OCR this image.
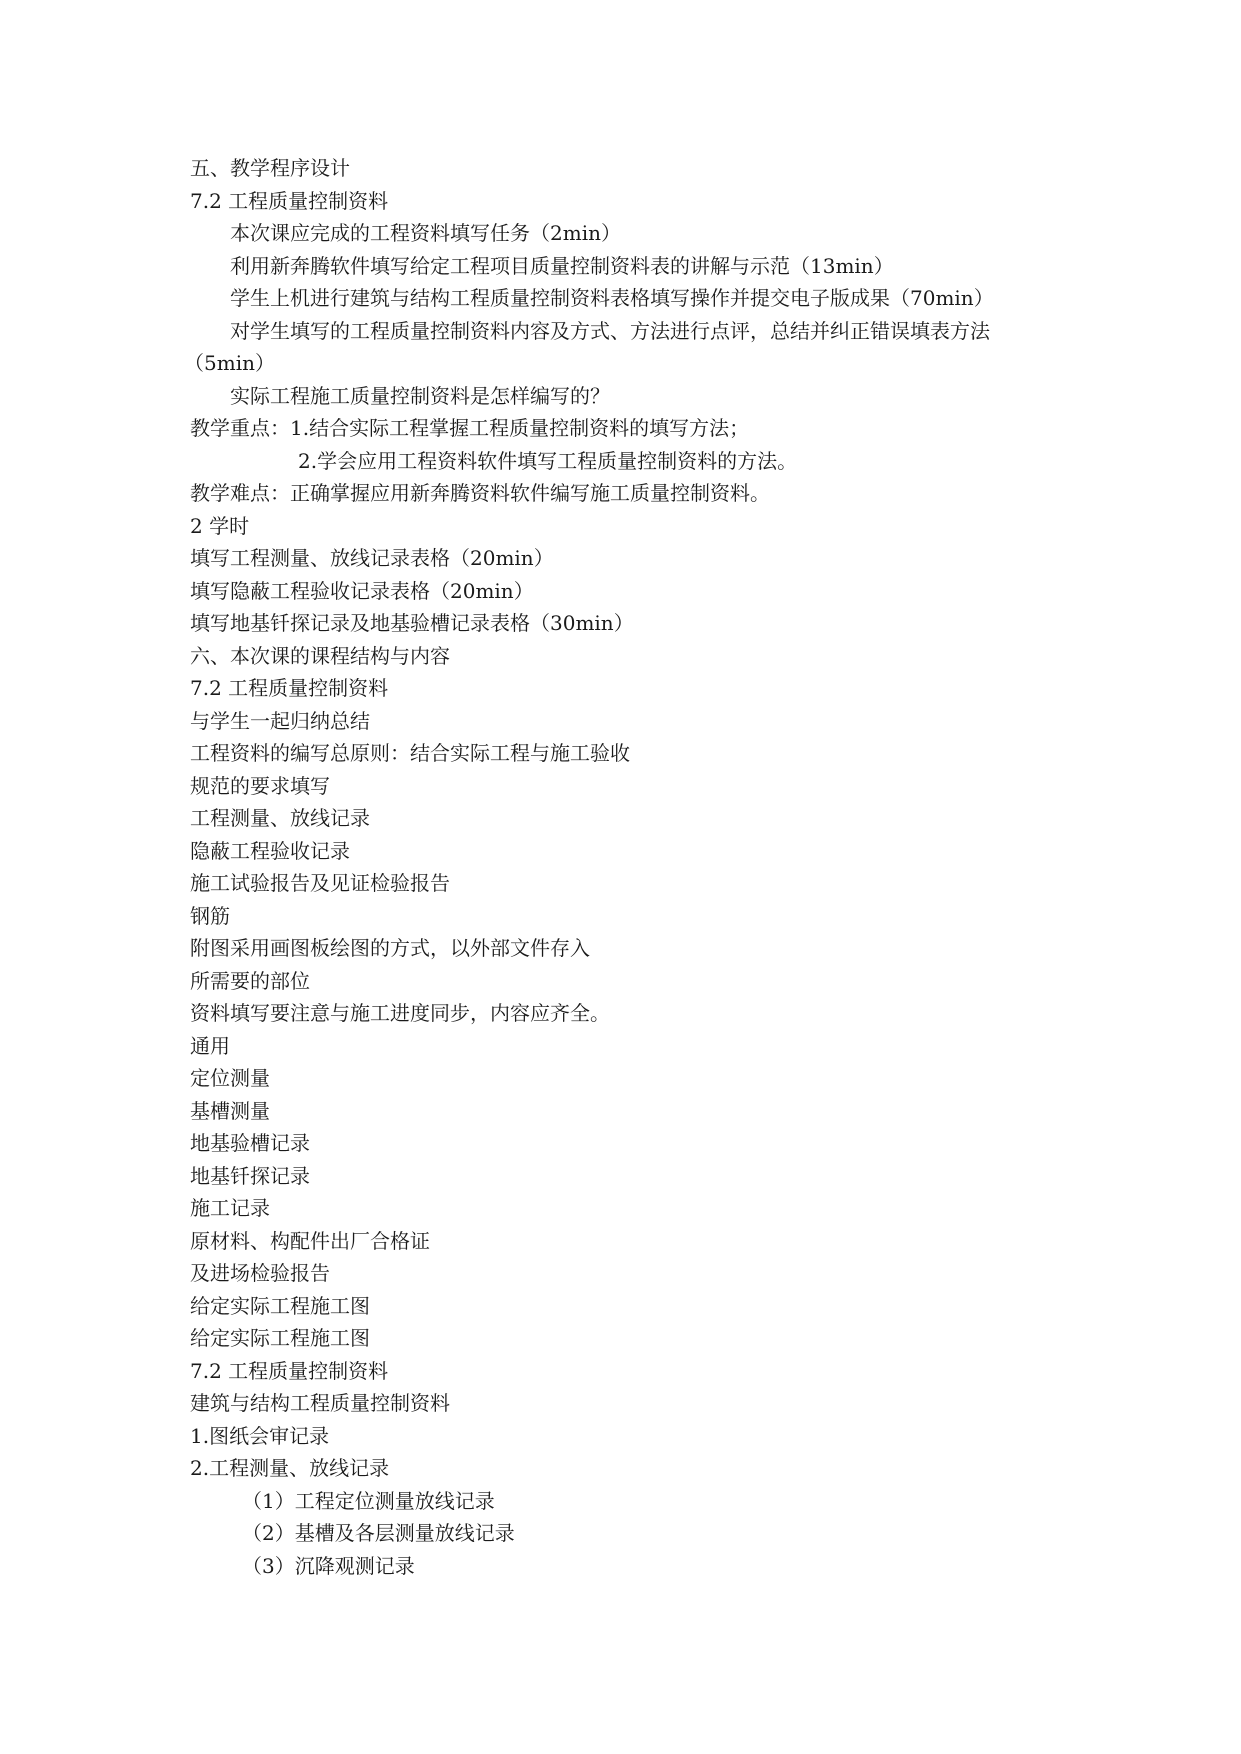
五、教学程序设计
7.2 工程质量控制资料
本次课应完成的工程资料填写任务（2min）
利用新奔腾软件填写给定工程项目质量控制资料表的讲解与示范（13min）
学生上机进行建筑与结构工程质量控制资料表格填写操作并提交电子版成果（70min）
对学生填写的工程质量控制资料内容及方式、方法进行点评，总结并纠正错误填表方法
（5min）
实际工程施工质量控制资料是怎样编写的？
教学重点：1.结合实际工程掌握工程质量控制资料的填写方法；
2.学会应用工程资料软件填写工程质量控制资料的方法。
教学难点：正确掌握应用新奔腾资料软件编写施工质量控制资料。
2 学时
填写工程测量、放线记录表格（20min）
填写隐蔽工程验收记录表格（20min）
填写地基钎探记录及地基验槽记录表格（30min）
六、本次课的课程结构与内容
7.2 工程质量控制资料
与学生一起归纳总结
工程资料的编写总原则：结合实际工程与施工验收
规范的要求填写
工程测量、放线记录
隐蔽工程验收记录
施工试验报告及见证检验报告
钢筋
附图采用画图板绘图的方式，以外部文件存入
所需要的部位
资料填写要注意与施工进度同步，内容应齐全。
通用
定位测量
基槽测量
地基验槽记录
地基钎探记录
施工记录
原材料、构配件出厂合格证
及进场检验报告
给定实际工程施工图
给定实际工程施工图
7.2 工程质量控制资料
建筑与结构工程质量控制资料
1.图纸会审记录
2.工程测量、放线记录
（1）工程定位测量放线记录
（2）基槽及各层测量放线记录
（3）沉降观测记录
